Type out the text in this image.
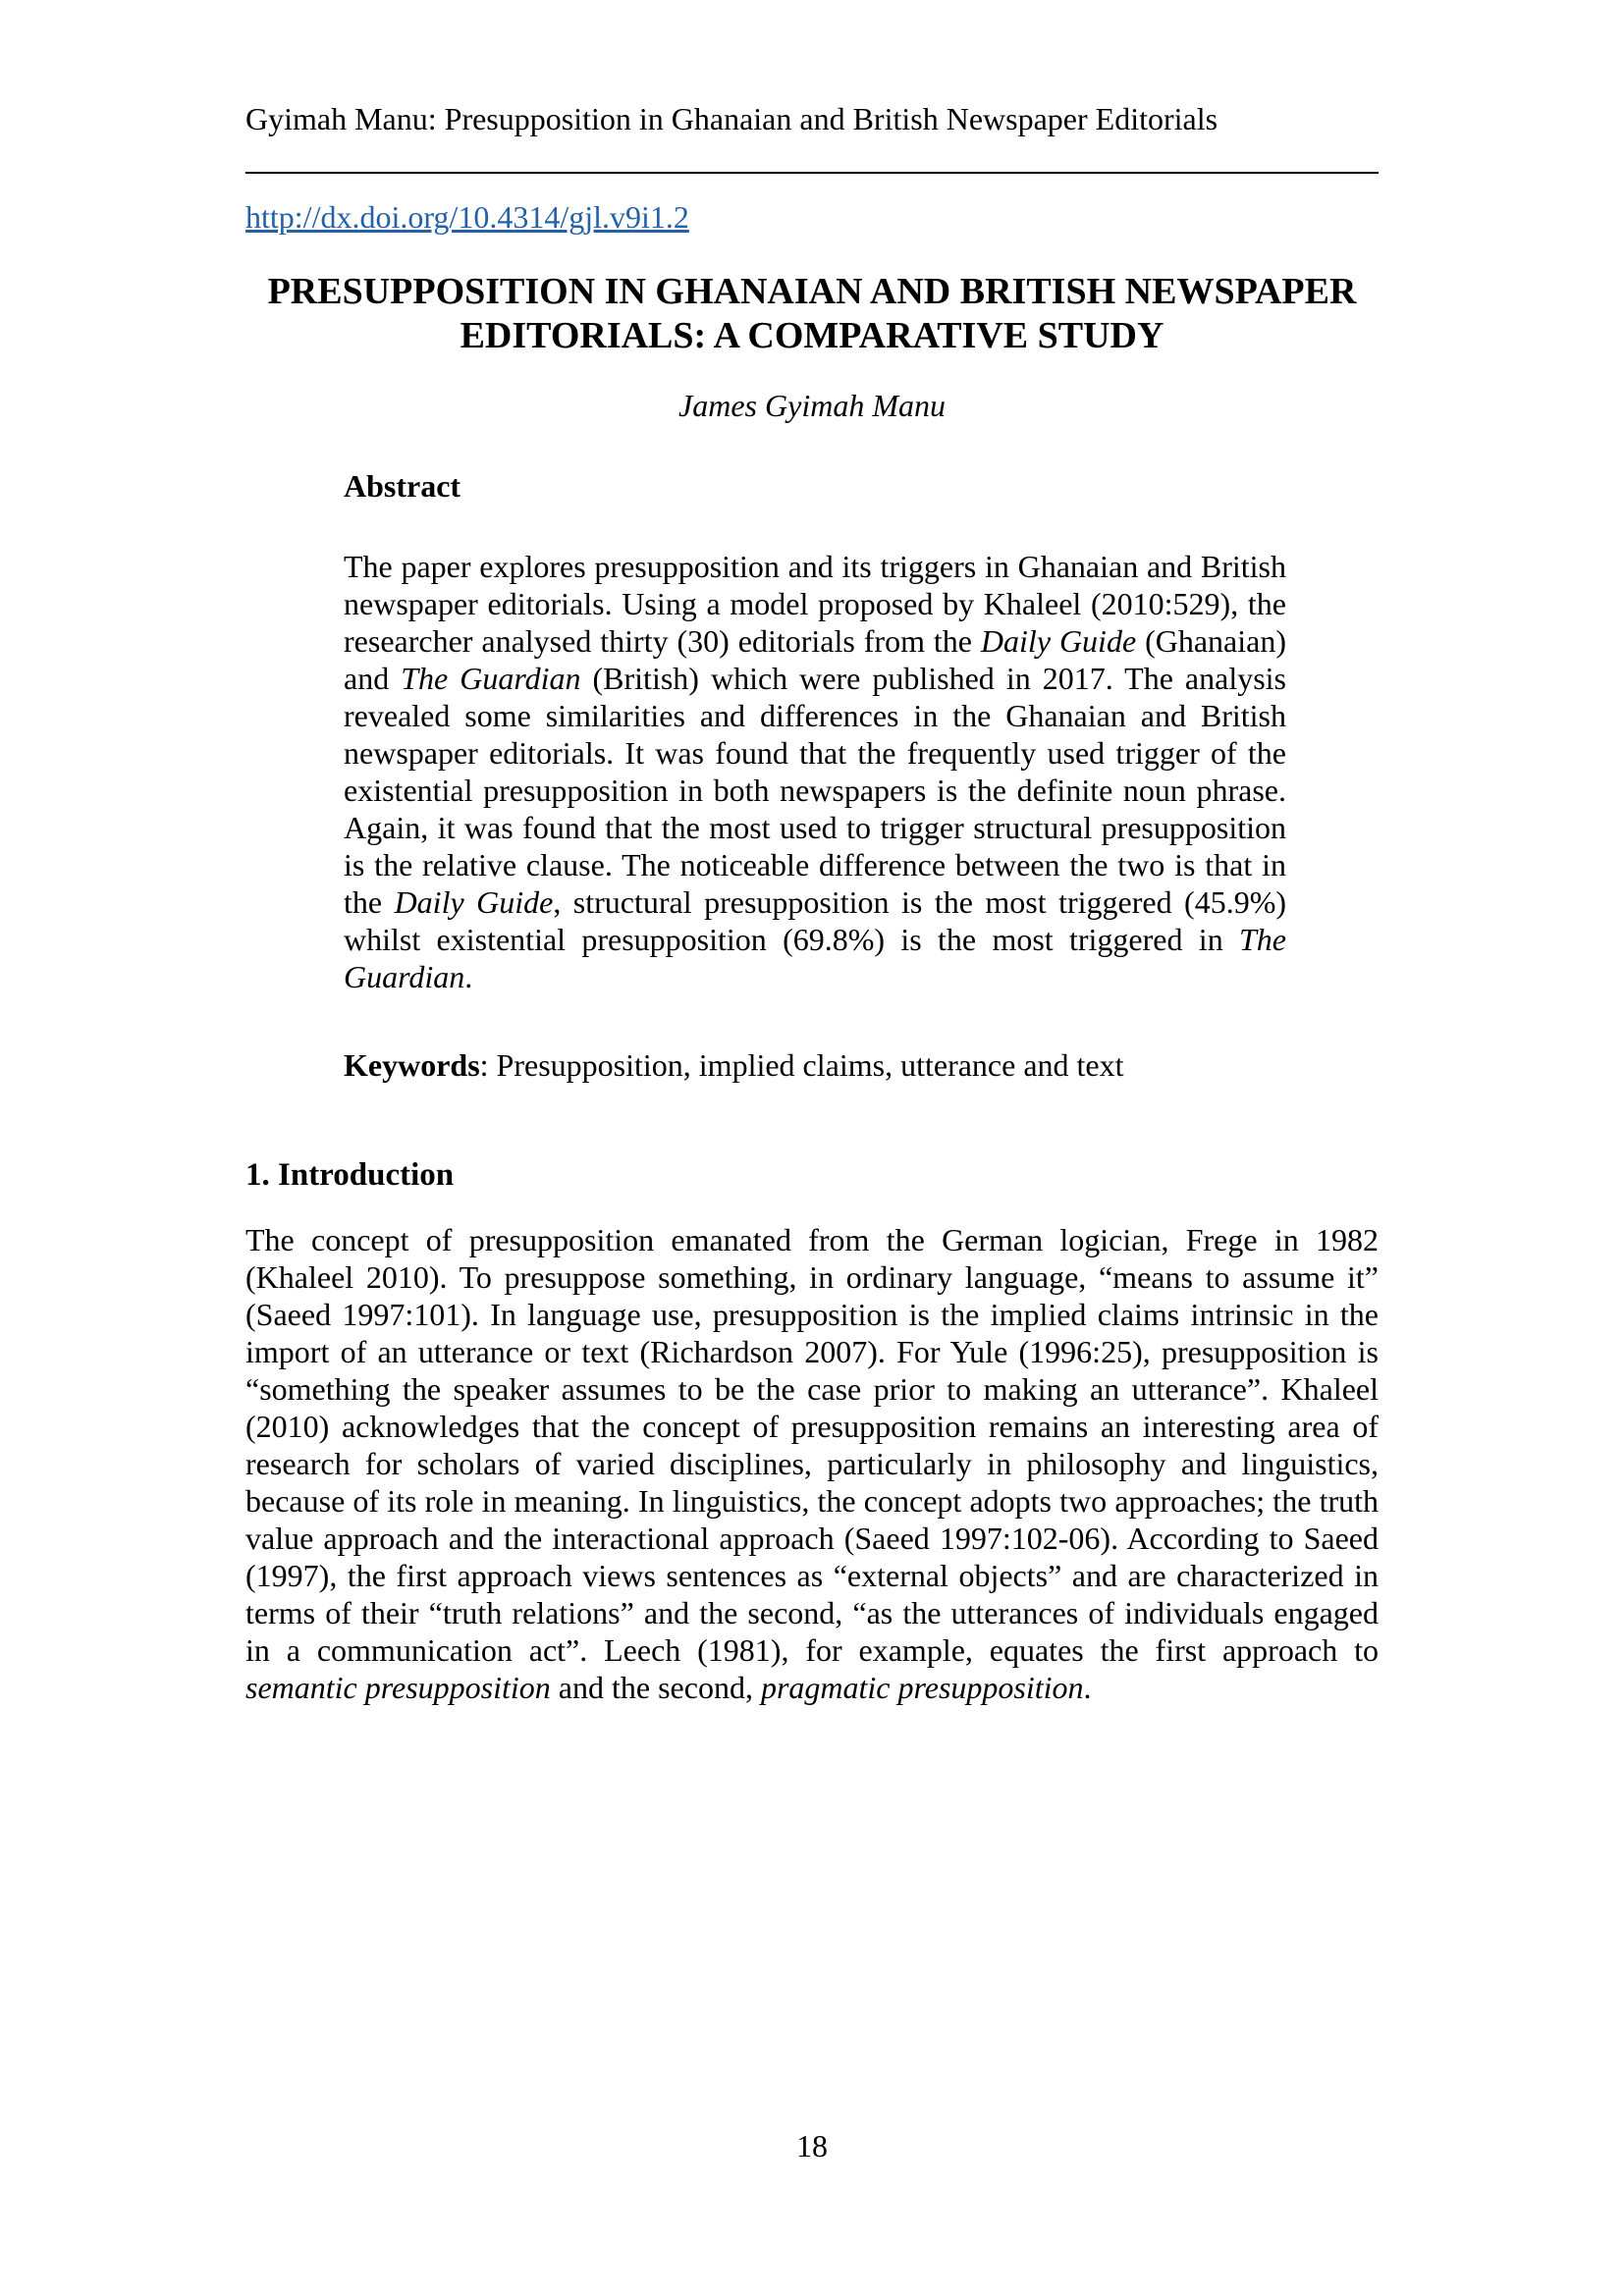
Gyimah Manu: Presupposition in Ghanaian and British Newspaper Editorials
http://dx.doi.org/10.4314/gjl.v9i1.2
PRESUPPOSITION IN GHANAIAN AND BRITISH NEWSPAPER
EDITORIALS: A COMPARATIVE STUDY
James Gyimah Manu
Abstract

The paper explores presupposition and its triggers in Ghanaian and British newspaper editorials. Using a model proposed by Khaleel (2010:529), the researcher analysed thirty (30) editorials from the Daily Guide (Ghanaian) and The Guardian (British) which were published in 2017. The analysis revealed some similarities and differences in the Ghanaian and British newspaper editorials. It was found that the frequently used trigger of the existential presupposition in both newspapers is the definite noun phrase. Again, it was found that the most used to trigger structural presupposition is the relative clause. The noticeable difference between the two is that in the Daily Guide, structural presupposition is the most triggered (45.9%) whilst existential presupposition (69.8%) is the most triggered in The Guardian.

Keywords: Presupposition, implied claims, utterance and text

1. Introduction

The concept of presupposition emanated from the German logician, Frege in 1982 (Khaleel 2010). To presuppose something, in ordinary language, “means to assume it” (Saeed 1997:101). In language use, presupposition is the implied claims intrinsic in the import of an utterance or text (Richardson 2007). For Yule (1996:25), presupposition is “something the speaker assumes to be the case prior to making an utterance”. Khaleel (2010) acknowledges that the concept of presupposition remains an interesting area of research for scholars of varied disciplines, particularly in philosophy and linguistics, because of its role in meaning. In linguistics, the concept adopts two approaches; the truth value approach and the interactional approach (Saeed 1997:102-06). According to Saeed (1997), the first approach views sentences as “external objects” and are characterized in terms of their “truth relations” and the second, “as the utterances of individuals engaged in a communication act”. Leech (1981), for example, equates the first approach to semantic presupposition and the second, pragmatic presupposition.

18
